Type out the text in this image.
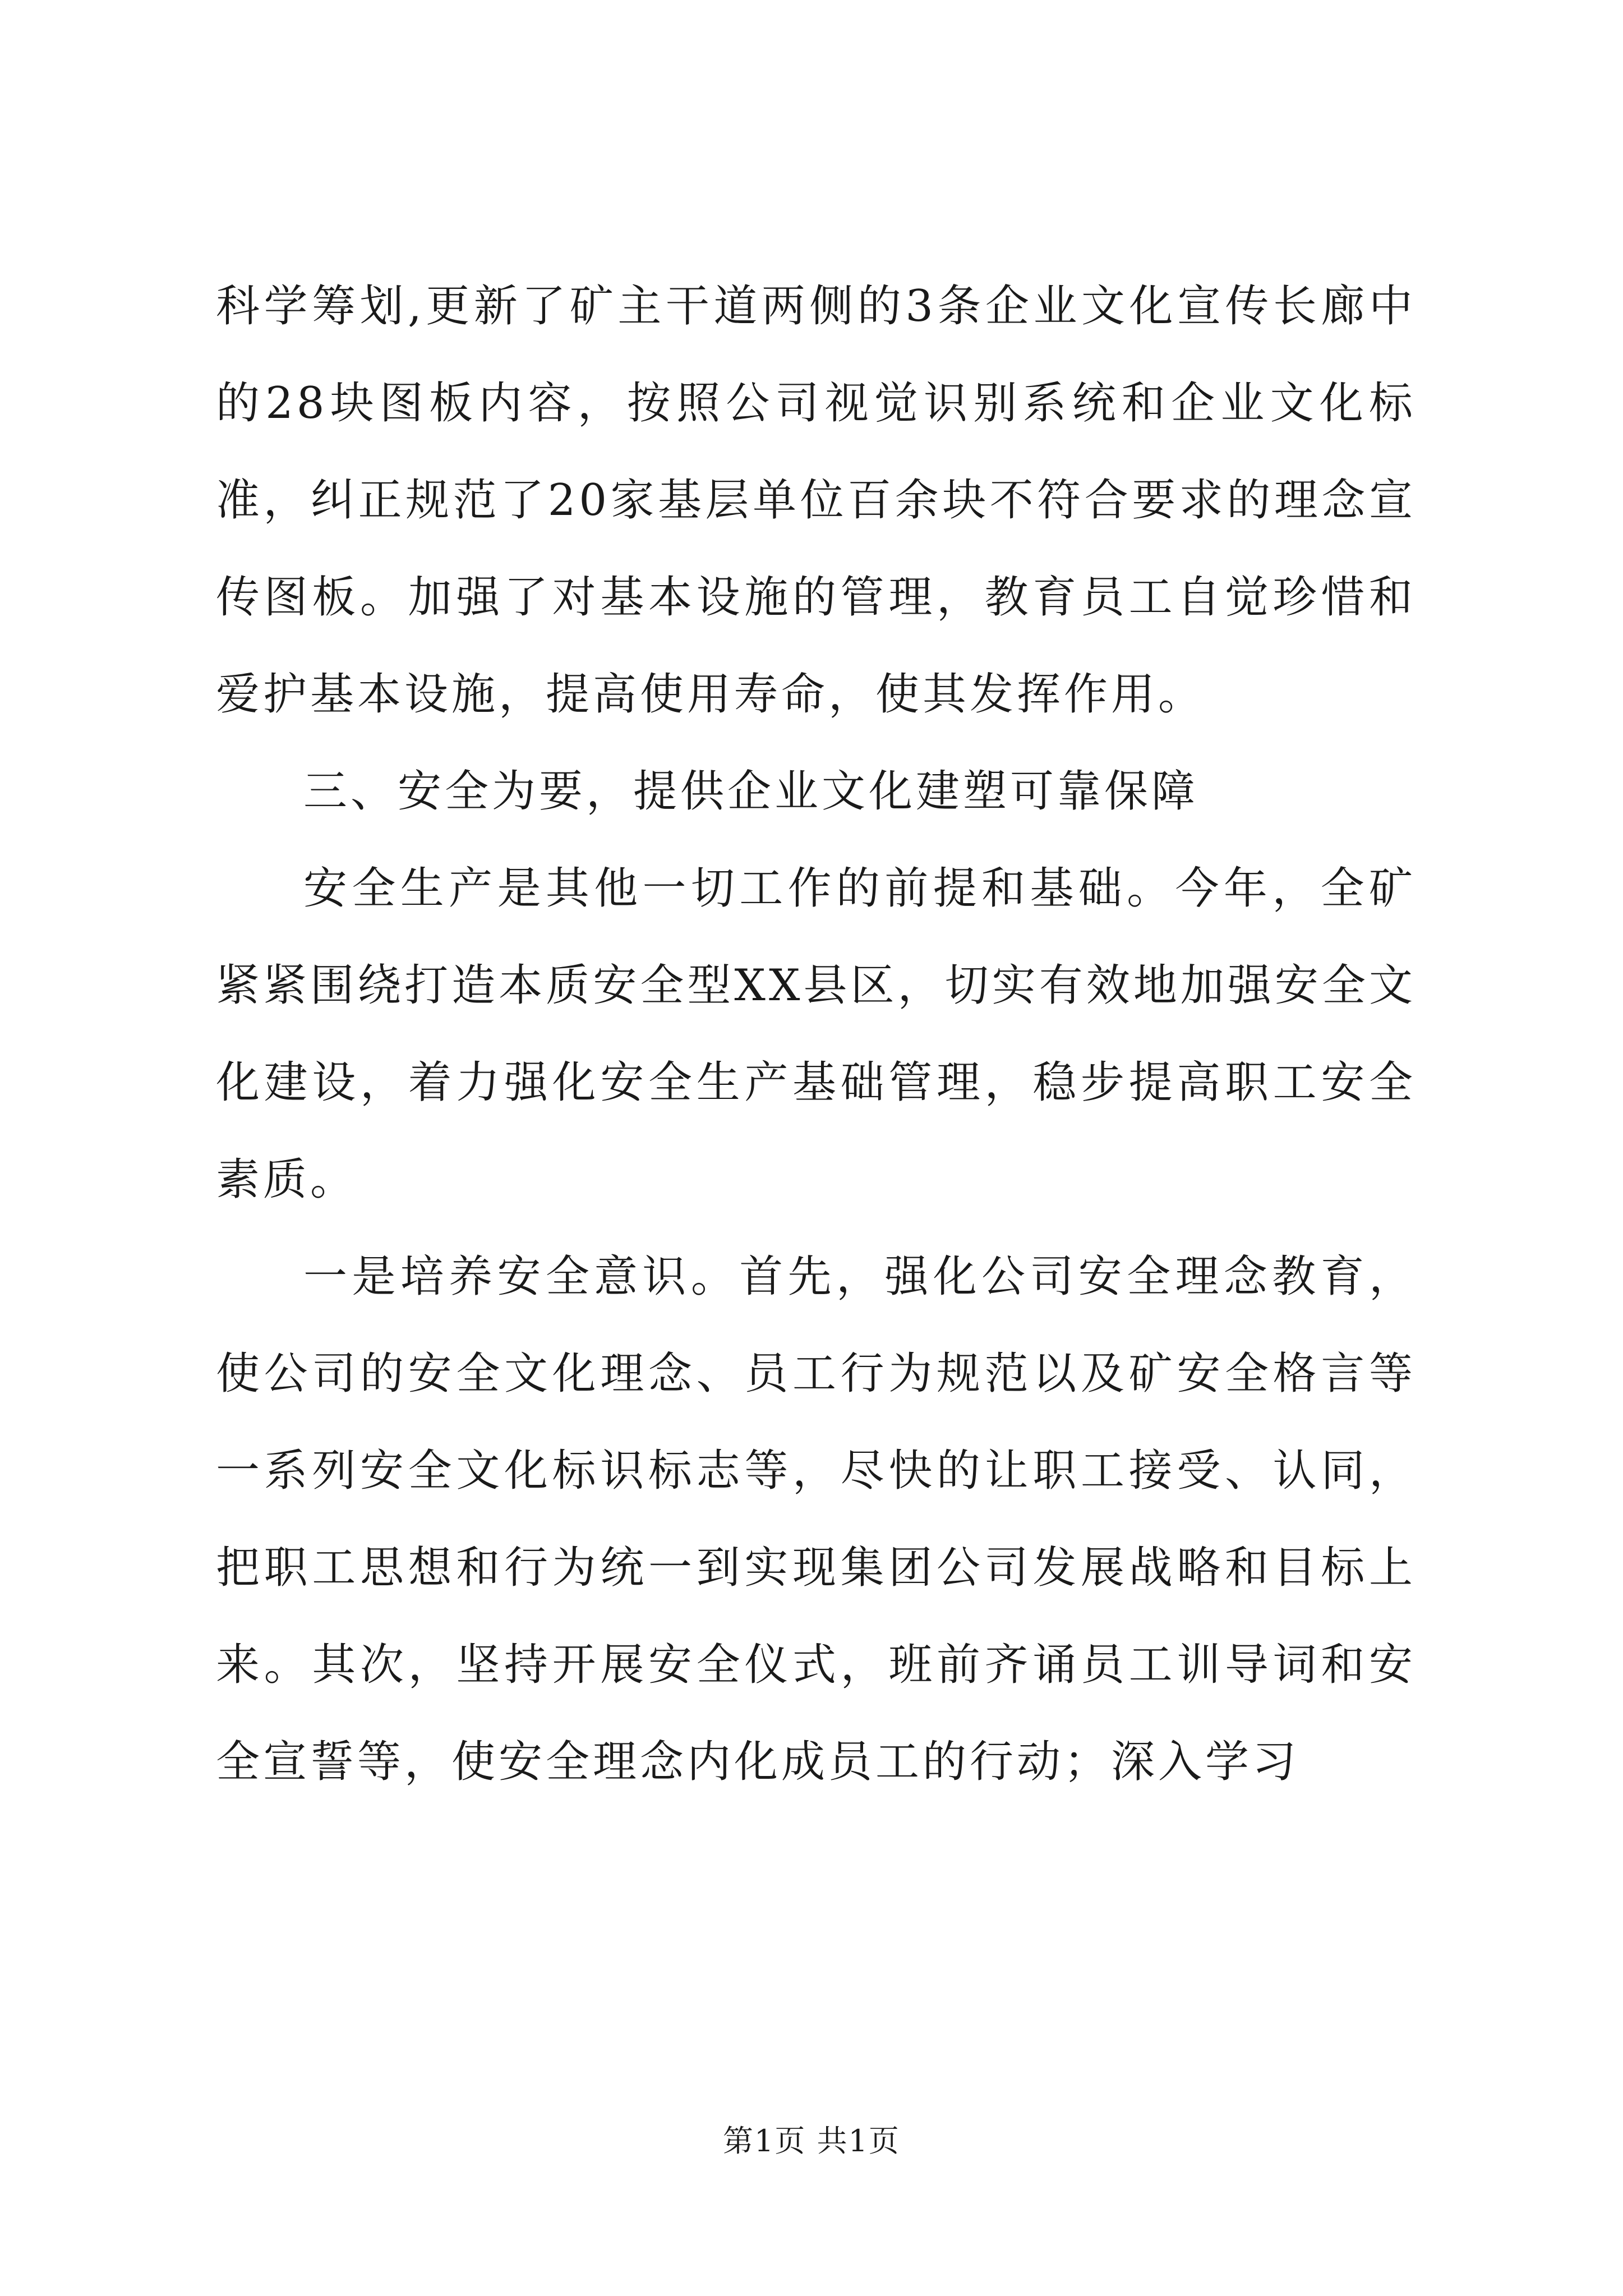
科学筹划,更新了矿主干道两侧的3条企业文化宣传长廊中的28块图板内容，按照公司视觉识别系统和企业文化标准，纠正规范了20家基层单位百余块不符合要求的理念宣传图板。加强了对基本设施的管理，教育员工自觉珍惜和爱护基本设施，提高使用寿命，使其发挥作用。

三、安全为要，提供企业文化建塑可靠保障

安全生产是其他一切工作的前提和基础。今年，全矿紧紧围绕打造本质安全型XX县区，切实有效地加强安全文化建设，着力强化安全生产基础管理，稳步提高职工安全素质。

一是培养安全意识。首先，强化公司安全理念教育，使公司的安全文化理念、员工行为规范以及矿安全格言等一系列安全文化标识标志等，尽快的让职工接受、认同，把职工思想和行为统一到实现集团公司发展战略和目标上来。其次，坚持开展安全仪式，班前齐诵员工训导词和安全宣誓等，使安全理念内化成员工的行动；深入学习

第1页 共1页
